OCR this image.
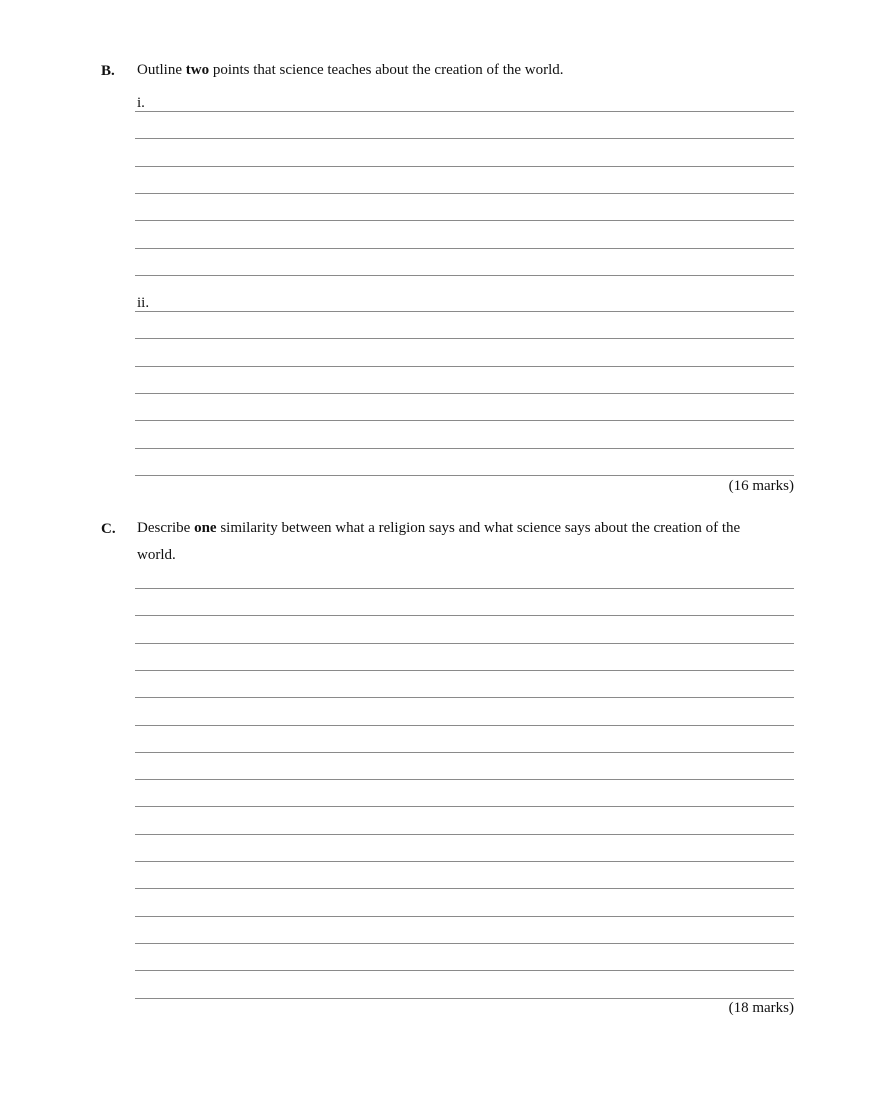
B. Outline two points that science teaches about the creation of the world.
i.
ii.
(16 marks)
C. Describe one similarity between what a religion says and what science says about the creation of the world.
(18 marks)
